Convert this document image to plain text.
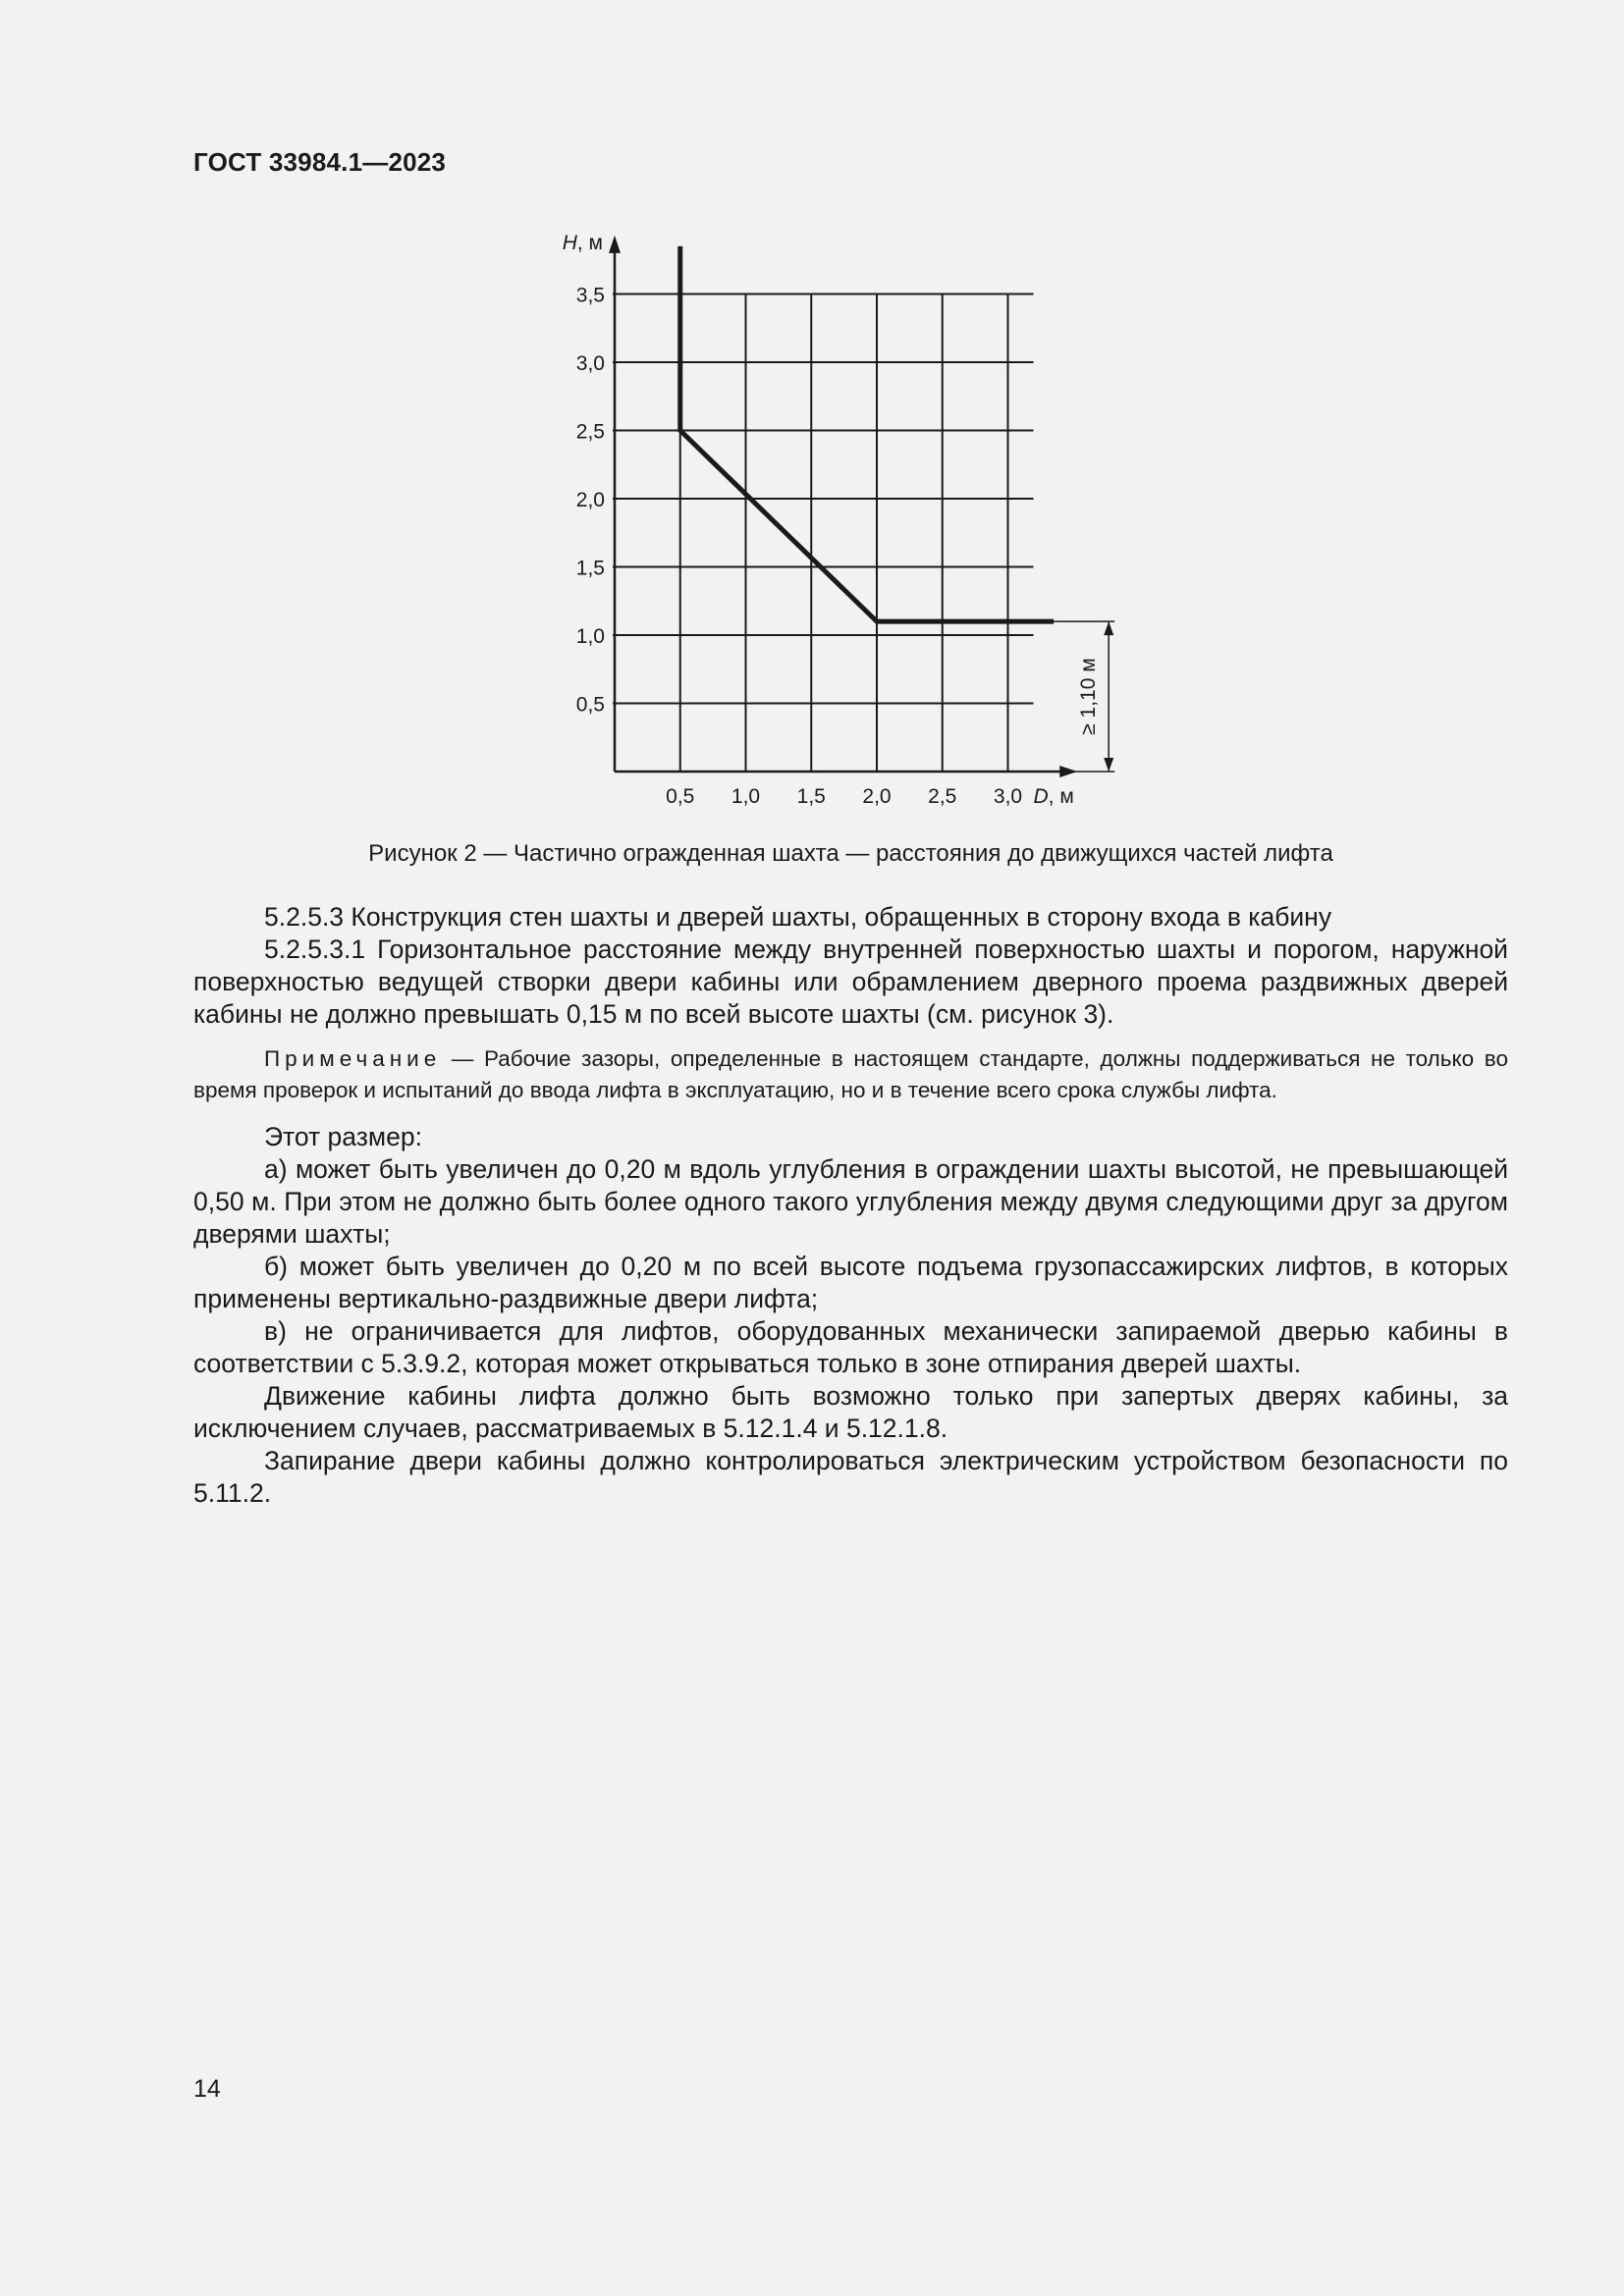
ГОСТ 33984.1—2023
0,5
1,0
1,5
2,0
2,5
3,0
3,5
0,5 1,0 1,5 2,0 2,5 3,0
H, м
D, м
≥ 1,10 м
Рисунок 2 — Частично огражденная шахта — расстояния до движущихся частей лифта

5.2.5.3 Конструкция стен шахты и дверей шахты, обращенных в сторону входа в кабину

5.2.5.3.1 Горизонтальное расстояние между внутренней поверхностью шахты и порогом, наружной поверхностью ведущей створки двери кабины или обрамлением дверного проема раздвижных дверей кабины не должно превышать 0,15 м по всей высоте шахты (см. рисунок 3).

Примечание — Рабочие зазоры, определенные в настоящем стандарте, должны поддерживаться не только во время проверок и испытаний до ввода лифта в эксплуатацию, но и в течение всего срока службы лифта.

Этот размер:

а) может быть увеличен до 0,20 м вдоль углубления в ограждении шахты высотой, не превышающей 0,50 м. При этом не должно быть более одного такого углубления между двумя следующими друг за другом дверями шахты;

б) может быть увеличен до 0,20 м по всей высоте подъема грузопассажирских лифтов, в которых применены вертикально-раздвижные двери лифта;

в) не ограничивается для лифтов, оборудованных механически запираемой дверью кабины в соответствии с 5.3.9.2, которая может открываться только в зоне отпирания дверей шахты.

Движение кабины лифта должно быть возможно только при запертых дверях кабины, за исключением случаев, рассматриваемых в 5.12.1.4 и 5.12.1.8.

Запирание двери кабины должно контролироваться электрическим устройством безопасности по 5.11.2.

14
